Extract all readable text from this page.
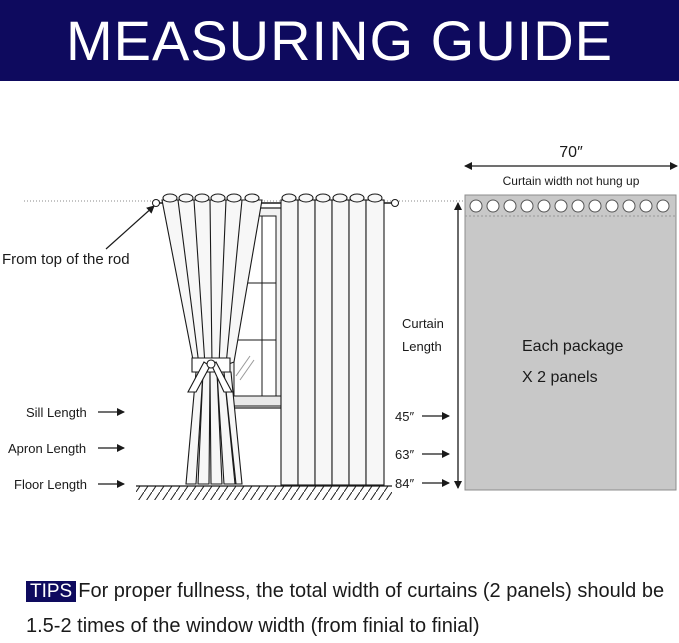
MEASURING GUIDE
From top of the rod
Sill Length
Apron Length
Floor Length
Curtain
Length
45″
63″
84″
70″
Curtain width not hung up
Each package
X 2 panels
TIPS For proper fullness, the total width of curtains (2 panels) should be 1.5-2 times of the window width (from finial to finial)
